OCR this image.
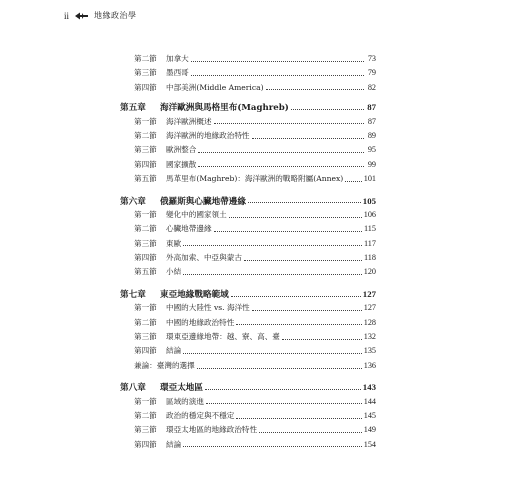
ii	地緣政治學
第二節	加拿大	73
第三節	墨西哥	79
第四節	中部美洲(Middle America)	82
第五章	海洋歐洲與馬格里布(Maghreb)	87
第一節	海洋歐洲概述	87
第二節	海洋歐洲的地緣政治特性	89
第三節	歐洲整合	95
第四節	國家擴散	99
第五節	馬革里布(Maghreb)：海洋歐洲的戰略附屬(Annex) 101
第六章	俄羅斯與心臟地帶邊緣	105
第一節	變化中的國家領土	106
第二節	心臟地帶邊緣	115
第三節	東歐	117
第四節	外高加索、中亞與蒙古	118
第五節	小結	120
第七章	東亞地緣戰略範域	127
第一節	中國的大陸性 vs. 海洋性	127
第二節	中國的地緣政治特性	128
第三節	環東亞邊緣地帶：越、寮、高、臺	132
第四節	結論	135
兼論：臺灣的選擇	136
第八章	環亞太地區	143
第一節	區域的演進	144
第二節	政治的穩定與不穩定	145
第三節	環亞太地區的地緣政治特性	149
第四節	結論	154
